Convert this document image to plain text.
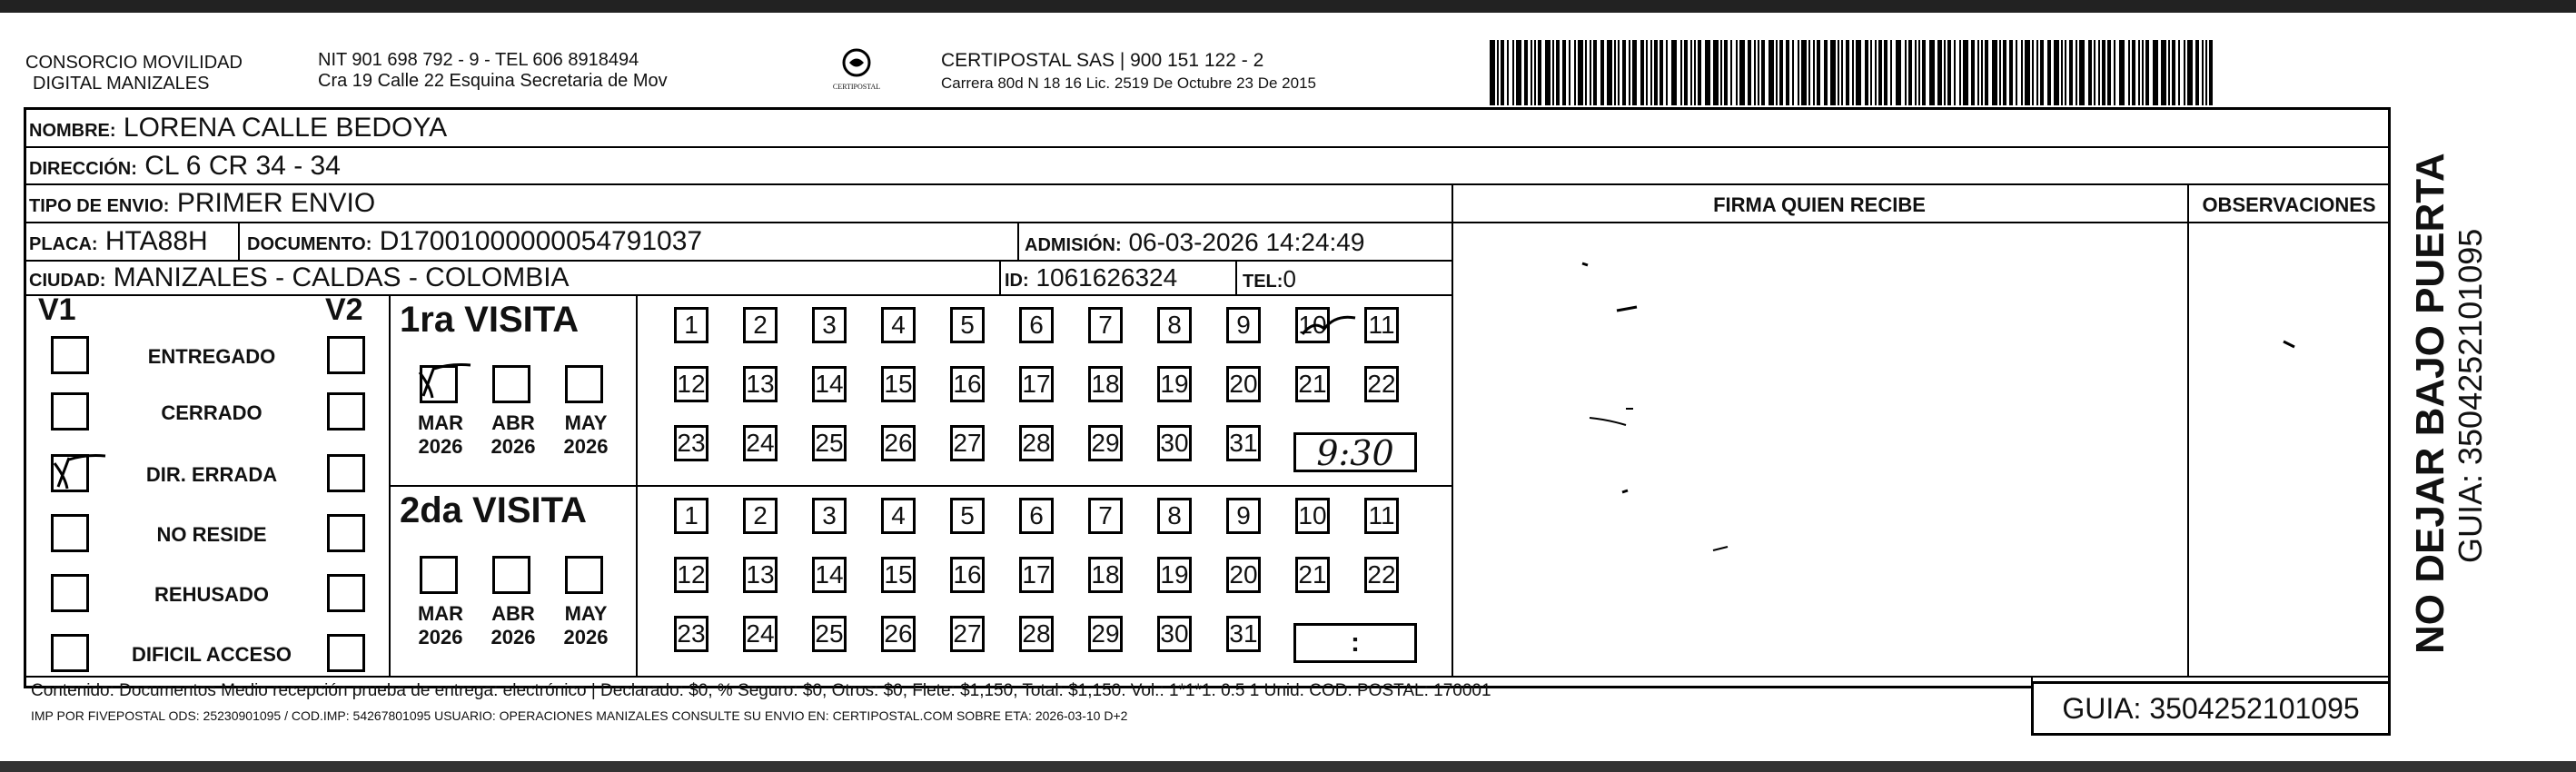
CONSORCIO MOVILIDAD
DIGITAL MANIZALES
NIT 901 698 792 - 9 - TEL 606 8918494
Cra 19 Calle 22 Esquina Secretaria de Mov	CERTIPOSTAL
CERTIPOSTAL SAS | 900 151 122 - 2
Carrera 80d N 18 16 Lic. 2519 De Octubre 23 De 2015
NOMBRE: LORENA CALLE BEDOYA
DIRECCIÓN: CL 6 CR 34 - 34
TIPO DE ENVIO: PRIMER ENVIO
PLACA: HTA88H DOCUMENTO: D17001000000054791037	ADMISIÓN: 06-03-2026 14:24:49
CIUDAD: MANIZALES - CALDAS - COLOMBIA	ID: 1061626324	TEL:0
FIRMA QUIEN RECIBE	OBSERVACIONES
V1	V2
ENTREGADO
CERRADO
DIR. ERRADA
NO RESIDE
REHUSADO
DIFICIL ACCESO
1ra VISITA
2da VISITA
MAR
2026
ABR
2026
MAY
2026
MAR
2026
ABR
2026
MAY
2026
1	2	3	4	5	6	7	8	9	10 11
12 13 14 15 16 17 18 19 20 21 22
23 24 25 26 27 28 29 30 31
1	2	3	4	5	6	7	8	9	10 11
12 13 14 15 16 17 18 19 20 21 22
23 24 25 26 27 28 29 30 31
9:30
:
Contenido: Documentos Medio recepción prueba de entrega: electrónico | Declarado: $0, % Seguro: $0, Otros: $0, Flete: $1,150, Total: $1,150. Vol.: 1*1*1. 0.5 1 Unid. COD. POSTAL: 170001
IMP POR FIVEPOSTAL ODS: 25230901095 / COD.IMP: 54267801095 USUARIO: OPERACIONES MANIZALES CONSULTE SU ENVIO EN: CERTIPOSTAL.COM SOBRE ETA: 2026-03-10 D+2	GUIA: 3504252101095
NO DEJAR BAJO PUERTA GUIA: 3504252101095
